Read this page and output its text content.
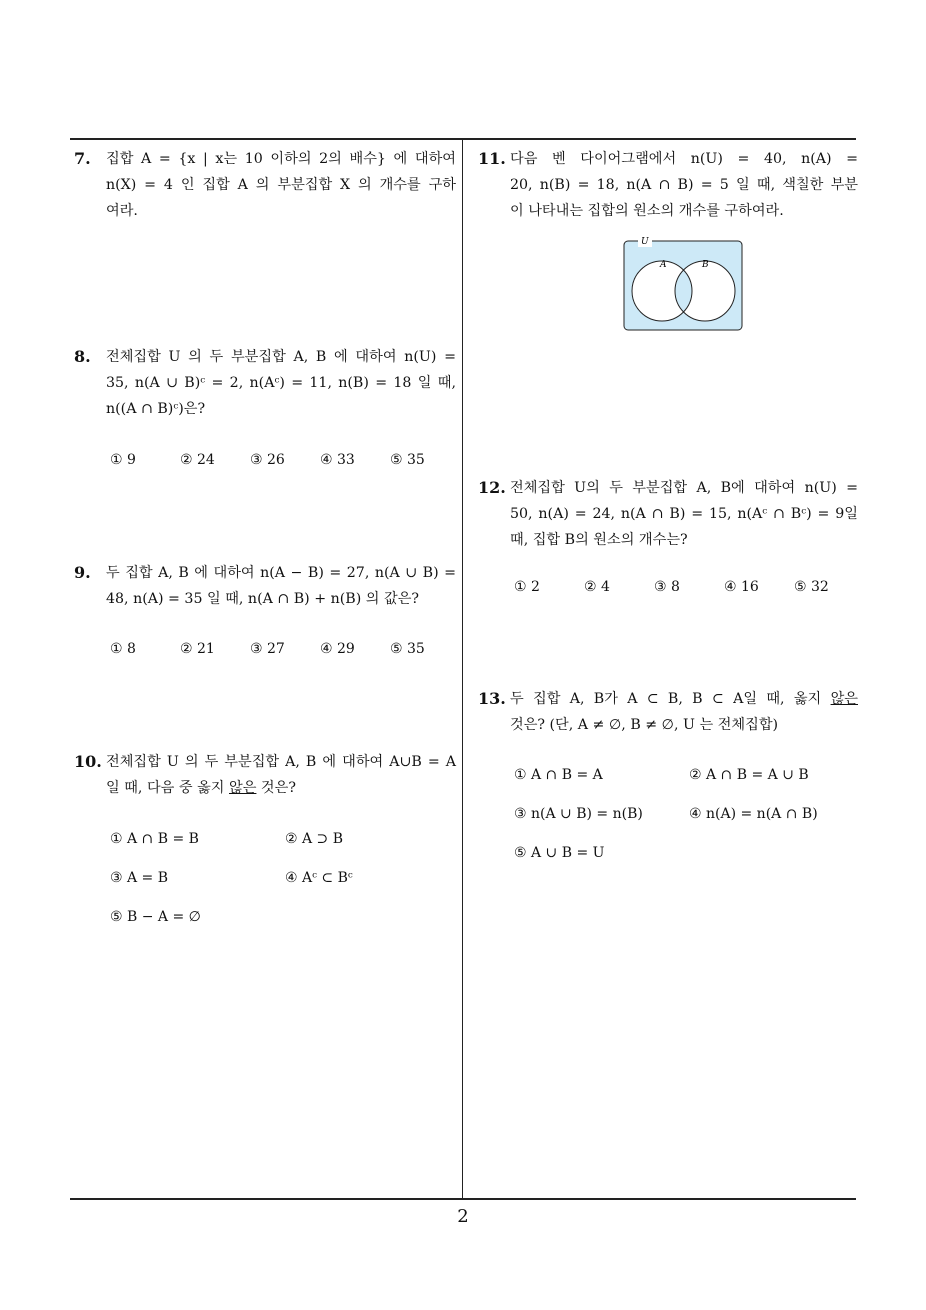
7. 집합 A = {x | x는 10 이하의 2의 배수} 에 대하여
n(X) = 4 인 집합 A 의 부분집합 X 의 개수를 구하
여라.
8. 전체집합 U 의 두 부분집합 A, B 에 대하여 n(U) =
35, n(A ∪ B)ᶜ = 2, n(Aᶜ) = 11, n(B) = 18 일 때,
n((A ∩ B)ᶜ)은?
① 9	② 24	③ 26	④ 33	⑤ 35
9. 두 집합 A, B 에 대하여 n(A − B) = 27, n(A ∪ B) =
48, n(A) = 35 일 때, n(A ∩ B) + n(B) 의 값은?
① 8	② 21	③ 27	④ 29	⑤ 35
10. 전체집합 U 의 두 부분집합 A, B 에 대하여 A∪B = A
일 때, 다음 중 옳지 않은 것은?
① A ∩ B = B	② A ⊃ B
③ A = B	④ Aᶜ ⊂ Bᶜ
⑤ B − A = ∅
11. 다음 벤 다이어그램에서 n(U) = 40, n(A) =
20, n(B) = 18, n(A ∩ B) = 5 일 때, 색칠한 부분
이 나타내는 집합의 원소의 개수를 구하여라.
U
A	B
12. 전체집합 U의 두 부분집합 A, B에 대하여 n(U) =
50, n(A) = 24, n(A ∩ B) = 15, n(Aᶜ ∩ Bᶜ) = 9일
때, 집합 B의 원소의 개수는?
① 2	② 4	③ 8	④ 16	⑤ 32
13. 두 집합 A, B가 A ⊂ B, B ⊂ A일 때, 옳지 않은
것은? (단, A ≠ ∅, B ≠ ∅, U 는 전체집합)
① A ∩ B = A	② A ∩ B = A ∪ B
③ n(A ∪ B) = n(B)	④ n(A) = n(A ∩ B)
⑤ A ∪ B = U
2
